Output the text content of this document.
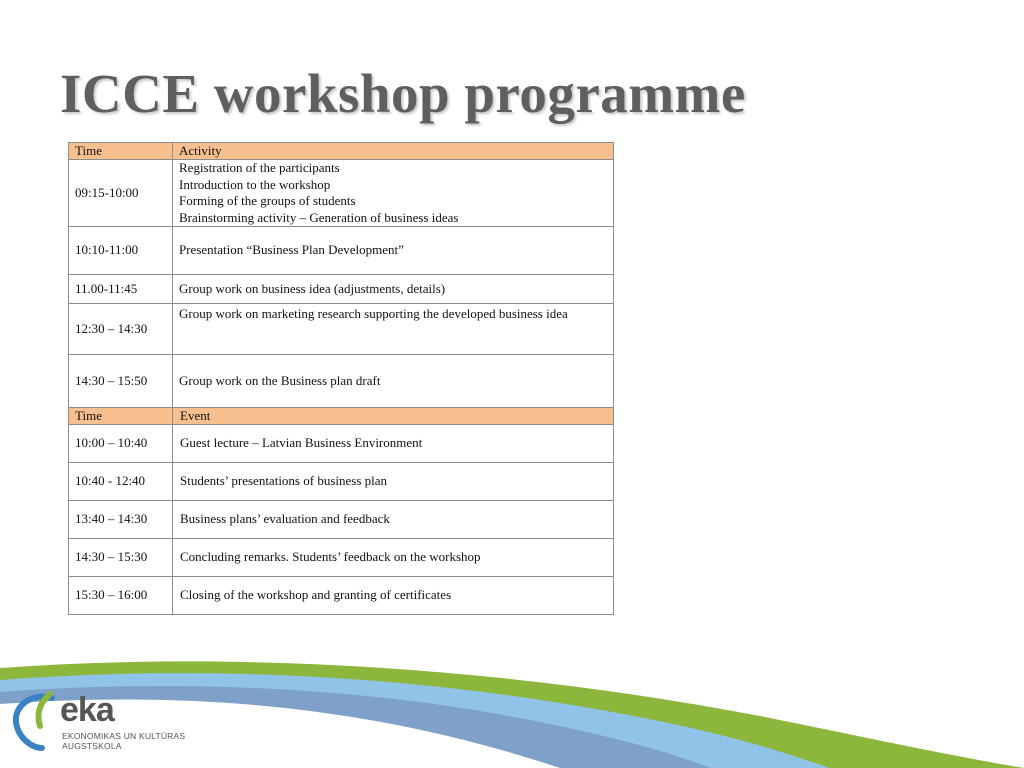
ICCE workshop programme
Time	Activity
09:15-10:00	Registration of the participants
Introduction to the workshop
Forming of the groups of students
Brainstorming activity – Generation of business ideas

10:10-11:00	Presentation “Business Plan Development”
11.00-11:45	Group work on business idea (adjustments, details)
12:30 – 14:30	Group work on marketing research supporting the developed business idea
14:30 – 15:50	Group work on the Business plan draft
Time	Event
10:00 – 10:40	Guest lecture – Latvian Business Environment
10:40 - 12:40	Students’ presentations of business plan
13:40 – 14:30	Business plans’ evaluation and feedback
14:30 – 15:30	Concluding remarks. Students’ feedback on the workshop
15:30 – 16:00	Closing of the workshop and granting of certificates
eka
EKONOMIKAS UN KULTŪRAS
AUGSTSKOLA
